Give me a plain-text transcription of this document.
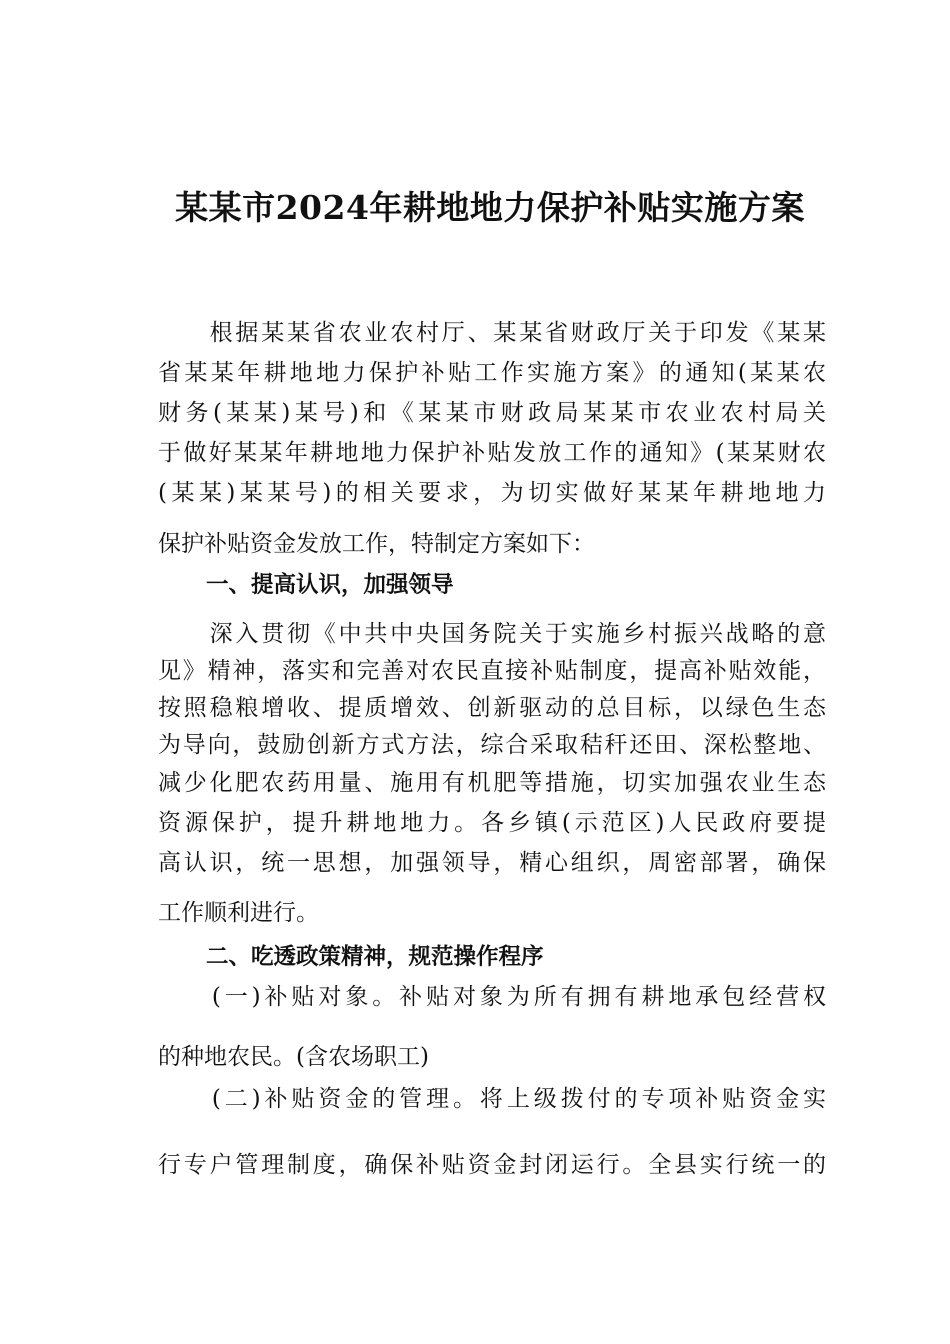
某某市2024年耕地地力保护补贴实施方案
　　根据某某省农业农村厅、某某省财政厅关于印发《某某
省某某年耕地地力保护补贴工作实施方案》的通知(某某农
财务(某某)某号)和《某某市财政局某某市农业农村局关
于做好某某年耕地地力保护补贴发放工作的通知》(某某财农
(某某)某某号)的相关要求，为切实做好某某年耕地地力
保护补贴资金发放工作，特制定方案如下：
一、提高认识，加强领导
　　深入贯彻《中共中央国务院关于实施乡村振兴战略的意
见》精神，落实和完善对农民直接补贴制度，提高补贴效能，
按照稳粮增收、提质增效、创新驱动的总目标，以绿色生态
为导向，鼓励创新方式方法，综合采取秸秆还田、深松整地、
减少化肥农药用量、施用有机肥等措施，切实加强农业生态
资源保护，提升耕地地力。各乡镇(示范区)人民政府要提
高认识，统一思想，加强领导，精心组织，周密部署，确保
工作顺利进行。
二、吃透政策精神，规范操作程序
　　(一)补贴对象。补贴对象为所有拥有耕地承包经营权
的种地农民。(含农场职工)
　　(二)补贴资金的管理。将上级拨付的专项补贴资金实
行专户管理制度，确保补贴资金封闭运行。全县实行统一的
